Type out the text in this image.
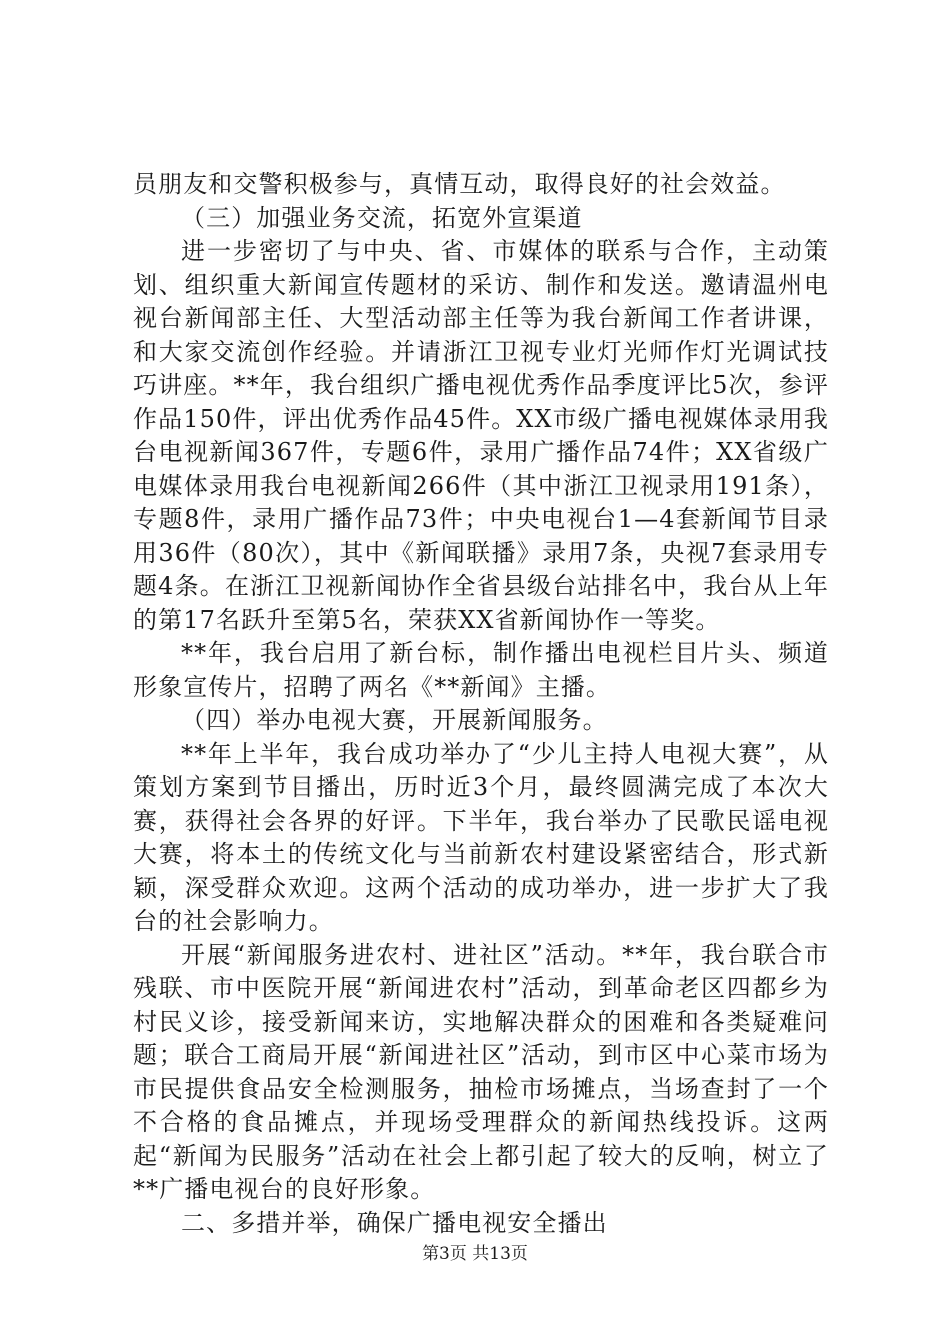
员朋友和交警积极参与，真情互动，取得良好的社会效益。

（三）加强业务交流，拓宽外宣渠道

进一步密切了与中央、省、市媒体的联系与合作，主动策划、组织重大新闻宣传题材的采访、制作和发送。邀请温州电视台新闻部主任、大型活动部主任等为我台新闻工作者讲课，和大家交流创作经验。并请浙江卫视专业灯光师作灯光调试技巧讲座。**年，我台组织广播电视优秀作品季度评比5次，参评作品150件，评出优秀作品45件。XX市级广播电视媒体录用我台电视新闻367件，专题6件，录用广播作品74件；XX省级广电媒体录用我台电视新闻266件（其中浙江卫视录用191条），专题8件，录用广播作品73件；中央电视台1—4套新闻节目录用36件（80次），其中《新闻联播》录用7条，央视7套录用专题4条。在浙江卫视新闻协作全省县级台站排名中，我台从上年的第17名跃升至第5名，荣获XX省新闻协作一等奖。

**年，我台启用了新台标，制作播出电视栏目片头、频道形象宣传片，招聘了两名《**新闻》主播。

（四）举办电视大赛，开展新闻服务。

**年上半年，我台成功举办了“少儿主持人电视大赛”，从策划方案到节目播出，历时近3个月，最终圆满完成了本次大赛，获得社会各界的好评。下半年，我台举办了民歌民谣电视大赛，将本土的传统文化与当前新农村建设紧密结合，形式新颖，深受群众欢迎。这两个活动的成功举办，进一步扩大了我台的社会影响力。

开展“新闻服务进农村、进社区”活动。**年，我台联合市残联、市中医院开展“新闻进农村”活动，到革命老区四都乡为村民义诊，接受新闻来访，实地解决群众的困难和各类疑难问题；联合工商局开展“新闻进社区”活动，到市区中心菜市场为市民提供食品安全检测服务，抽检市场摊点，当场查封了一个不合格的食品摊点，并现场受理群众的新闻热线投诉。这两起“新闻为民服务”活动在社会上都引起了较大的反响，树立了**广播电视台的良好形象。

二、多措并举，确保广播电视安全播出

第3页 共13页
